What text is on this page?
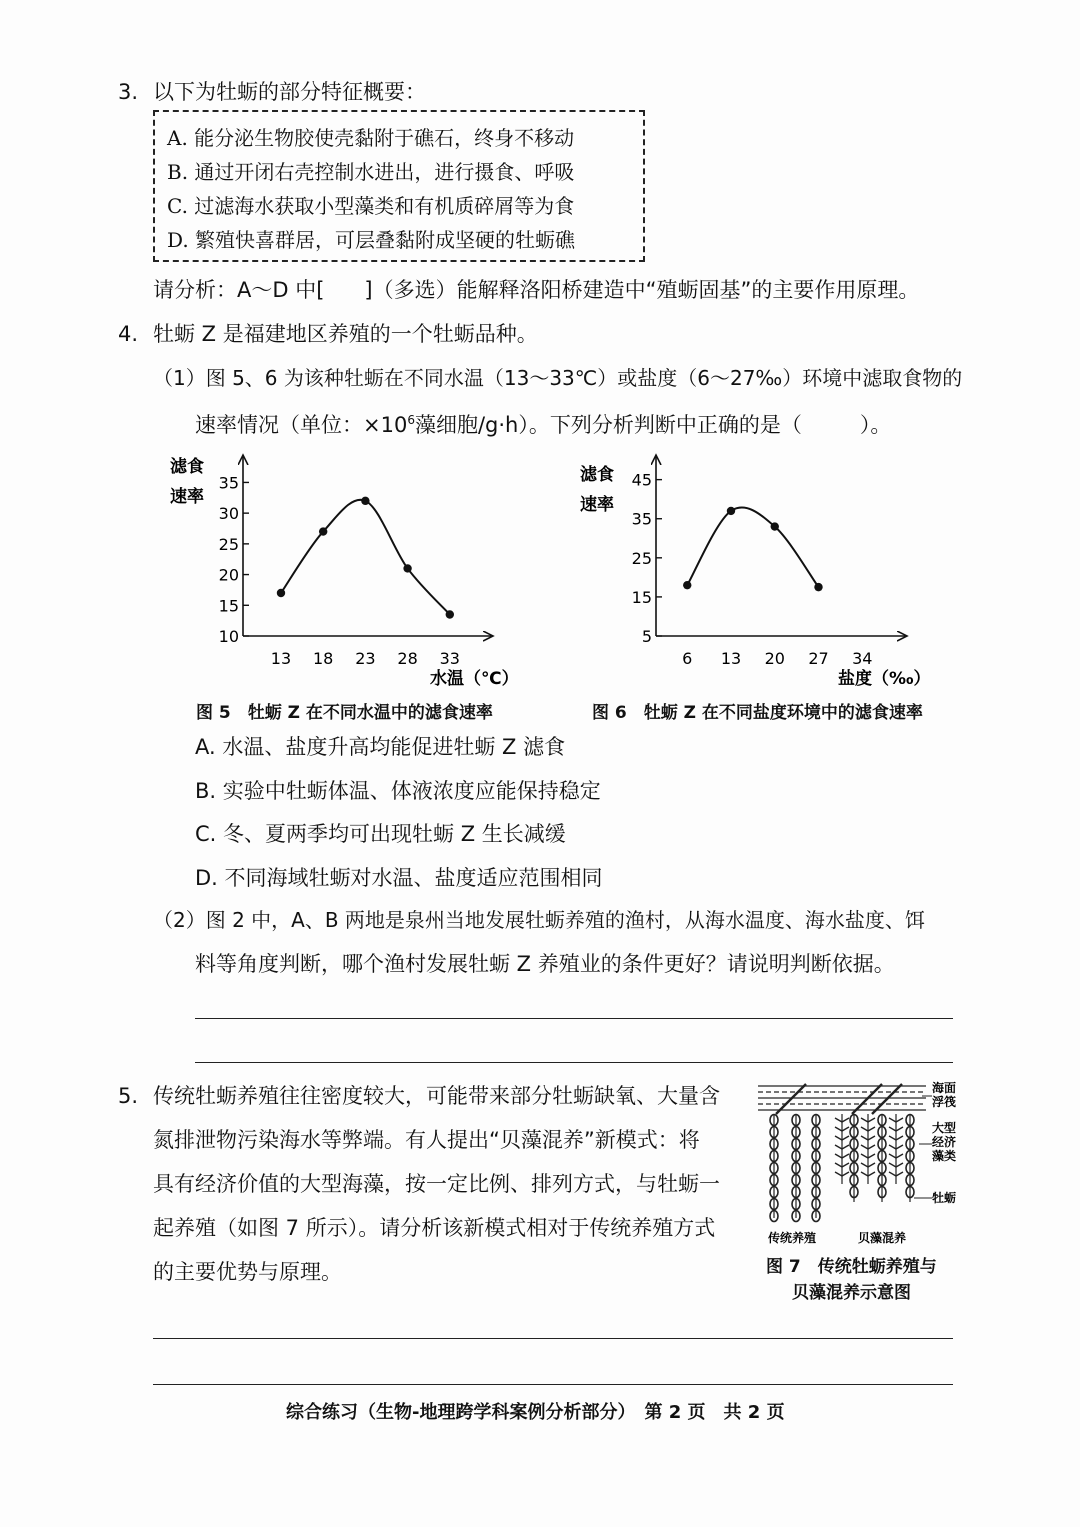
3. 以下为牡蛎的部分特征概要：
A. 能分泌生物胶使壳黏附于礁石，终身不移动
B. 通过开闭右壳控制水进出，进行摄食、呼吸
C. 过滤海水获取小型藻类和有机质碎屑等为食
D. 繁殖快喜群居，可层叠黏附成坚硬的牡蛎礁
请分析：A～D 中[ ]（多选）能解释洛阳桥建造中“殖蛎固基”的主要作用原理。
4. 牡蛎 Z 是福建地区养殖的一个牡蛎品种。
（1）图 5、6 为该种牡蛎在不同水温（13～33℃）或盐度（6～27‰）环境中滤取食物的
速率情况（单位：$\times 10^6$藻细胞/g·h）。下列分析判断中正确的是（	）。
滤食
速率
10
15
20
25
30
35
13 18 23 28 33
水温（℃）
图 5　牡蛎 Z 在不同水温中的滤食速率
滤食
速率
5
15
25
35
45
6 13 20 27 34
盐度（‰）
图 6　牡蛎 Z 在不同盐度环境中的滤食速率
A. 水温、盐度升高均能促进牡蛎 Z 滤食
B. 实验中牡蛎体温、体液浓度应能保持稳定
C. 冬、夏两季均可出现牡蛎 Z 生长减缓
D. 不同海域牡蛎对水温、盐度适应范围相同
（2）图 2 中，A、B 两地是泉州当地发展牡蛎养殖的渔村，从海水温度、海水盐度、饵
料等角度判断，哪个渔村发展牡蛎 Z 养殖业的条件更好？请说明判断依据。
5. 传统牡蛎养殖往往密度较大，可能带来部分牡蛎缺氧、大量含
氮排泄物污染海水等弊端。有人提出“贝藻混养”新模式：将
具有经济价值的大型海藻，按一定比例、排列方式，与牡蛎一
起养殖（如图 7 所示）。请分析该新模式相对于传统养殖方式
的主要优势与原理。
海面
浮筏
大型
经济
藻类
牡蛎
传统养殖	贝藻混养
图 7　传统牡蛎养殖与
贝藻混养示意图
综合练习（生物-地理跨学科案例分析部分）　第 2 页　共 2 页
